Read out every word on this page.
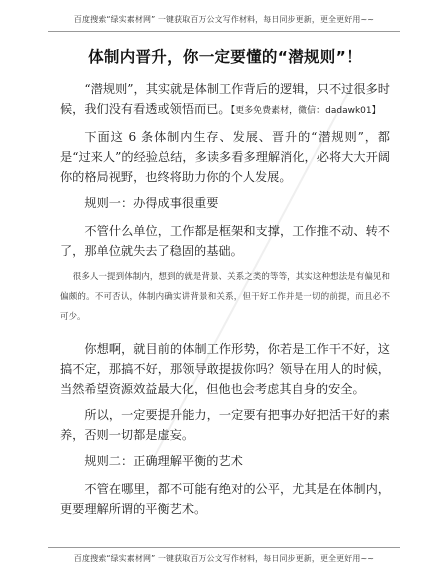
百度搜索“绿实素材网” 一键获取百万公文写作材料，每日同步更新，更全更好用~~
体制内晋升，你一定要懂的“潜规则”！
“潜规则”，其实就是体制工作背后的逻辑，只不过很多时候，我们没有看透或领悟而已。【更多免费素材，微信：dadawk01】
下面这 6 条体制内生存、发展、晋升的“潜规则”，都是“过来人”的经验总结，多读多看多理解消化，必将大大开阔你的格局视野，也终将助力你的个人发展。
规则一：办得成事很重要
不管什么单位，工作都是框架和支撑，工作推不动、转不了，那单位就失去了稳固的基础。
很多人一提到体制内，想到的就是背景、关系之类的等等，其实这种想法是有偏见和偏颇的。不可否认，体制内确实讲背景和关系，但干好工作并是一切的前提，而且必不可少。
你想啊，就目前的体制工作形势，你若是工作干不好，这搞不定，那搞不好，那领导敢提拔你吗？领导在用人的时候，当然希望资源效益最大化，但他也会考虑其自身的安全。
所以，一定要提升能力，一定要有把事办好把活干好的素养，否则一切都是虚妄。
规则二：正确理解平衡的艺术
不管在哪里，都不可能有绝对的公平，尤其是在体制内，更要理解所谓的平衡艺术。
百度搜索“绿实素材网” 一键获取百万公文写作材料，每日同步更新，更全更好用~~
